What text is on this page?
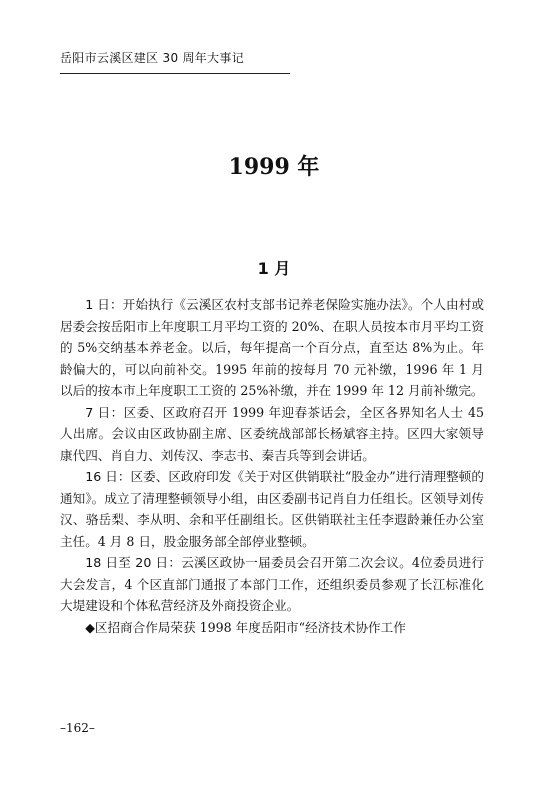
岳阳市云溪区建区 30 周年大事记
1999 年
1 月

1 日：开始执行《云溪区农村支部书记养老保险实施办法》。个人由村或居委会按岳阳市上年度职工月平均工资的 20%、在职人员按本市月平均工资的 5%交纳基本养老金。以后，每年提高一个百分点，直至达 8%为止。年龄偏大的，可以向前补交。1995 年前的按每月 70 元补缴，1996 年 1 月以后的按本市上年度职工工资的 25%补缴，并在 1999 年 12 月前补缴完。

7 日：区委、区政府召开 1999 年迎春茶话会，全区各界知名人士 45 人出席。会议由区政协副主席、区委统战部部长杨斌容主持。区四大家领导康代四、肖自力、刘传汉、李志书、秦吉兵等到会讲话。

16 日：区委、区政府印发《关于对区供销联社“股金办”进行清理整顿的通知》。成立了清理整顿领导小组，由区委副书记肖自力任组长。区领导刘传汉、骆岳梨、李从明、余和平任副组长。区供销联社主任李遐龄兼任办公室主任。4 月 8 日，股金服务部全部停业整顿。

18 日至 20 日：云溪区政协一届委员会召开第二次会议。4位委员进行大会发言，4 个区直部门通报了本部门工作，还组织委员参观了长江标准化大堤建设和个体私营经济及外商投资企业。

◆区招商合作局荣获 1998 年度岳阳市“经济技术协作工作

–162–
